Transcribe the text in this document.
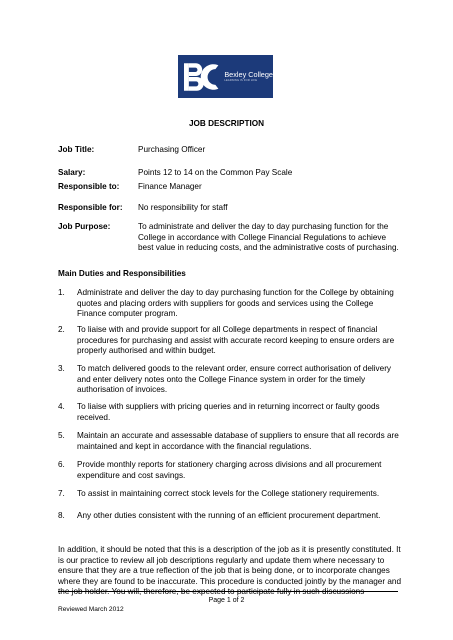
Bexley College
LEARNING IS FOR LIFE
JOB DESCRIPTION
Job Title:	Purchasing Officer
Salary:	Points 12 to 14 on the Common Pay Scale
Responsible to: Finance Manager
Responsible for: No responsibility for staff
Job Purpose:	To administrate and deliver the day to day purchasing function for the College in accordance with College Financial Regulations to achieve best value in reducing costs, and the administrative costs of purchasing.
Main Duties and Responsibilities
1. Administrate and deliver the day to day purchasing function for the College by obtaining quotes and placing orders with suppliers for goods and services using the College Finance computer program.
2. To liaise with and provide support for all College departments in respect of financial procedures for purchasing and assist with accurate record keeping to ensure orders are properly authorised and within budget.
3. To match delivered goods to the relevant order, ensure correct authorisation of delivery and enter delivery notes onto the College Finance system in order for the timely authorisation of invoices.
4. To liaise with suppliers with pricing queries and in returning incorrect or faulty goods received.
5. Maintain an accurate and assessable database of suppliers to ensure that all records are maintained and kept in accordance with the financial regulations.
6. Provide monthly reports for stationery charging across divisions and all procurement expenditure and cost savings.
7. To assist in maintaining correct stock levels for the College stationery requirements.
8. Any other duties consistent with the running of an efficient procurement department.
In addition, it should be noted that this is a description of the job as it is presently constituted. It is our practice to review all job descriptions regularly and update them where necessary to ensure that they are a true reflection of the job that is being done, or to incorporate changes where they are found to be inaccurate. This procedure is conducted jointly by the manager and the job holder. You will, therefore, be expected to participate fully in such discussions
Page 1 of 2
Reviewed March 2012
